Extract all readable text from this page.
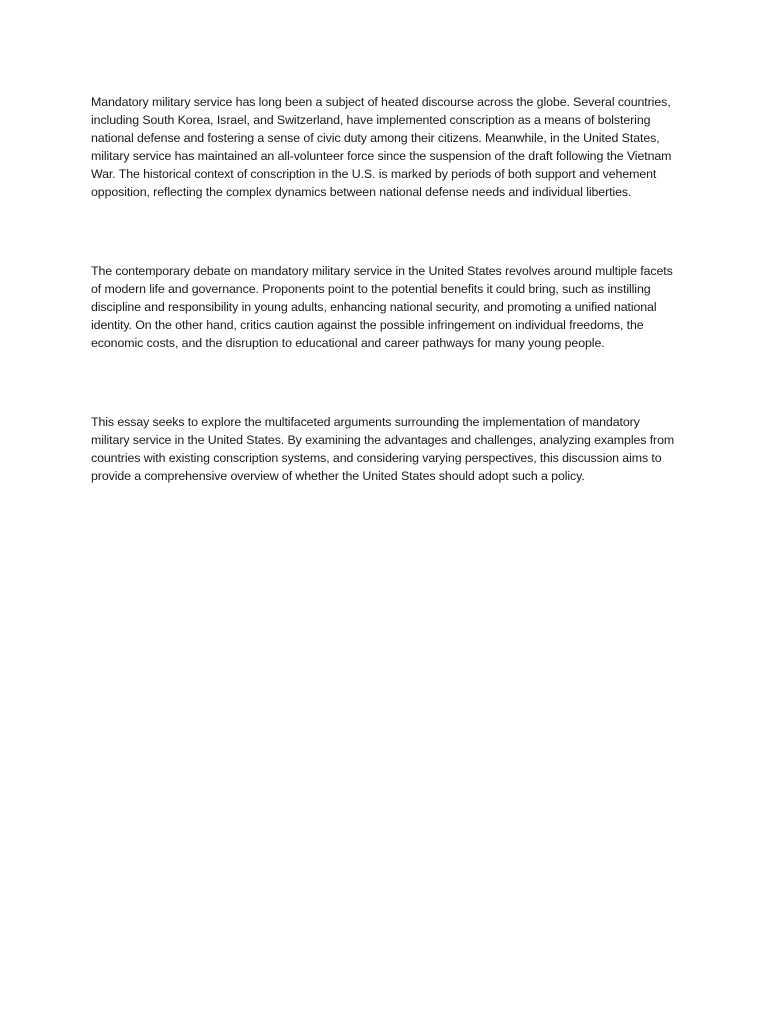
Mandatory military service has long been a subject of heated discourse across the globe. Several countries, including South Korea, Israel, and Switzerland, have implemented conscription as a means of bolstering national defense and fostering a sense of civic duty among their citizens. Meanwhile, in the United States, military service has maintained an all-volunteer force since the suspension of the draft following the Vietnam War. The historical context of conscription in the U.S. is marked by periods of both support and vehement opposition, reflecting the complex dynamics between national defense needs and individual liberties.

The contemporary debate on mandatory military service in the United States revolves around multiple facets of modern life and governance. Proponents point to the potential benefits it could bring, such as instilling discipline and responsibility in young adults, enhancing national security, and promoting a unified national identity. On the other hand, critics caution against the possible infringement on individual freedoms, the economic costs, and the disruption to educational and career pathways for many young people.

This essay seeks to explore the multifaceted arguments surrounding the implementation of mandatory military service in the United States. By examining the advantages and challenges, analyzing examples from countries with existing conscription systems, and considering varying perspectives, this discussion aims to provide a comprehensive overview of whether the United States should adopt such a policy.
